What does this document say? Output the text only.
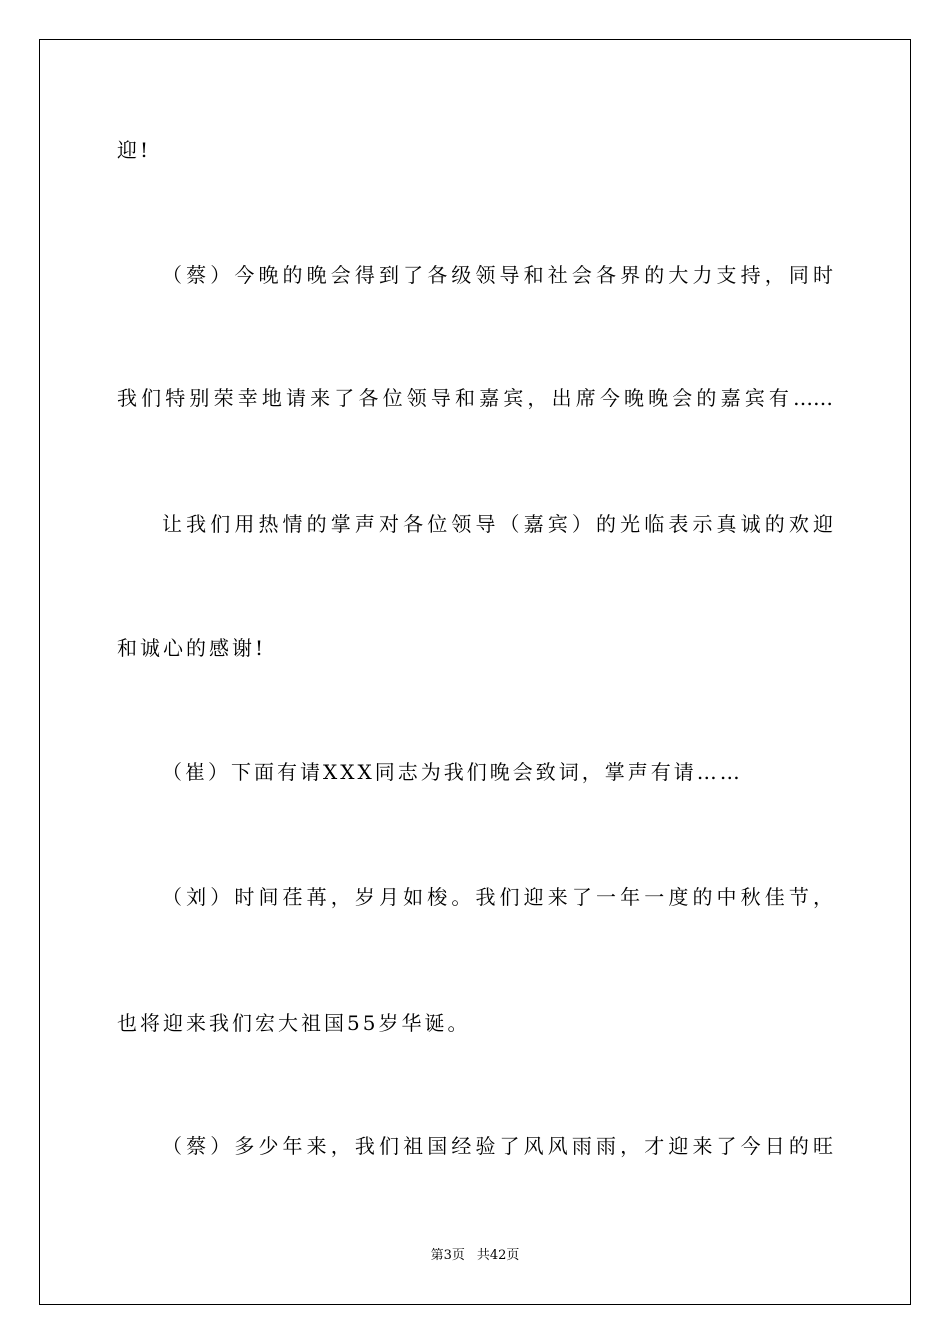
迎!
（蔡）今晚的晚会得到了各级领导和社会各界的大力支持，同时
我们特别荣幸地请来了各位领导和嘉宾，出席今晚晚会的嘉宾有……
让我们用热情的掌声对各位领导（嘉宾）的光临表示真诚的欢迎
和诚心的感谢!
（崔）下面有请XXX同志为我们晚会致词，掌声有请……
（刘）时间荏苒，岁月如梭。我们迎来了一年一度的中秋佳节，
也将迎来我们宏大祖国55岁华诞。
（蔡）多少年来，我们祖国经验了风风雨雨，才迎来了今日的旺
第3页 共42页
